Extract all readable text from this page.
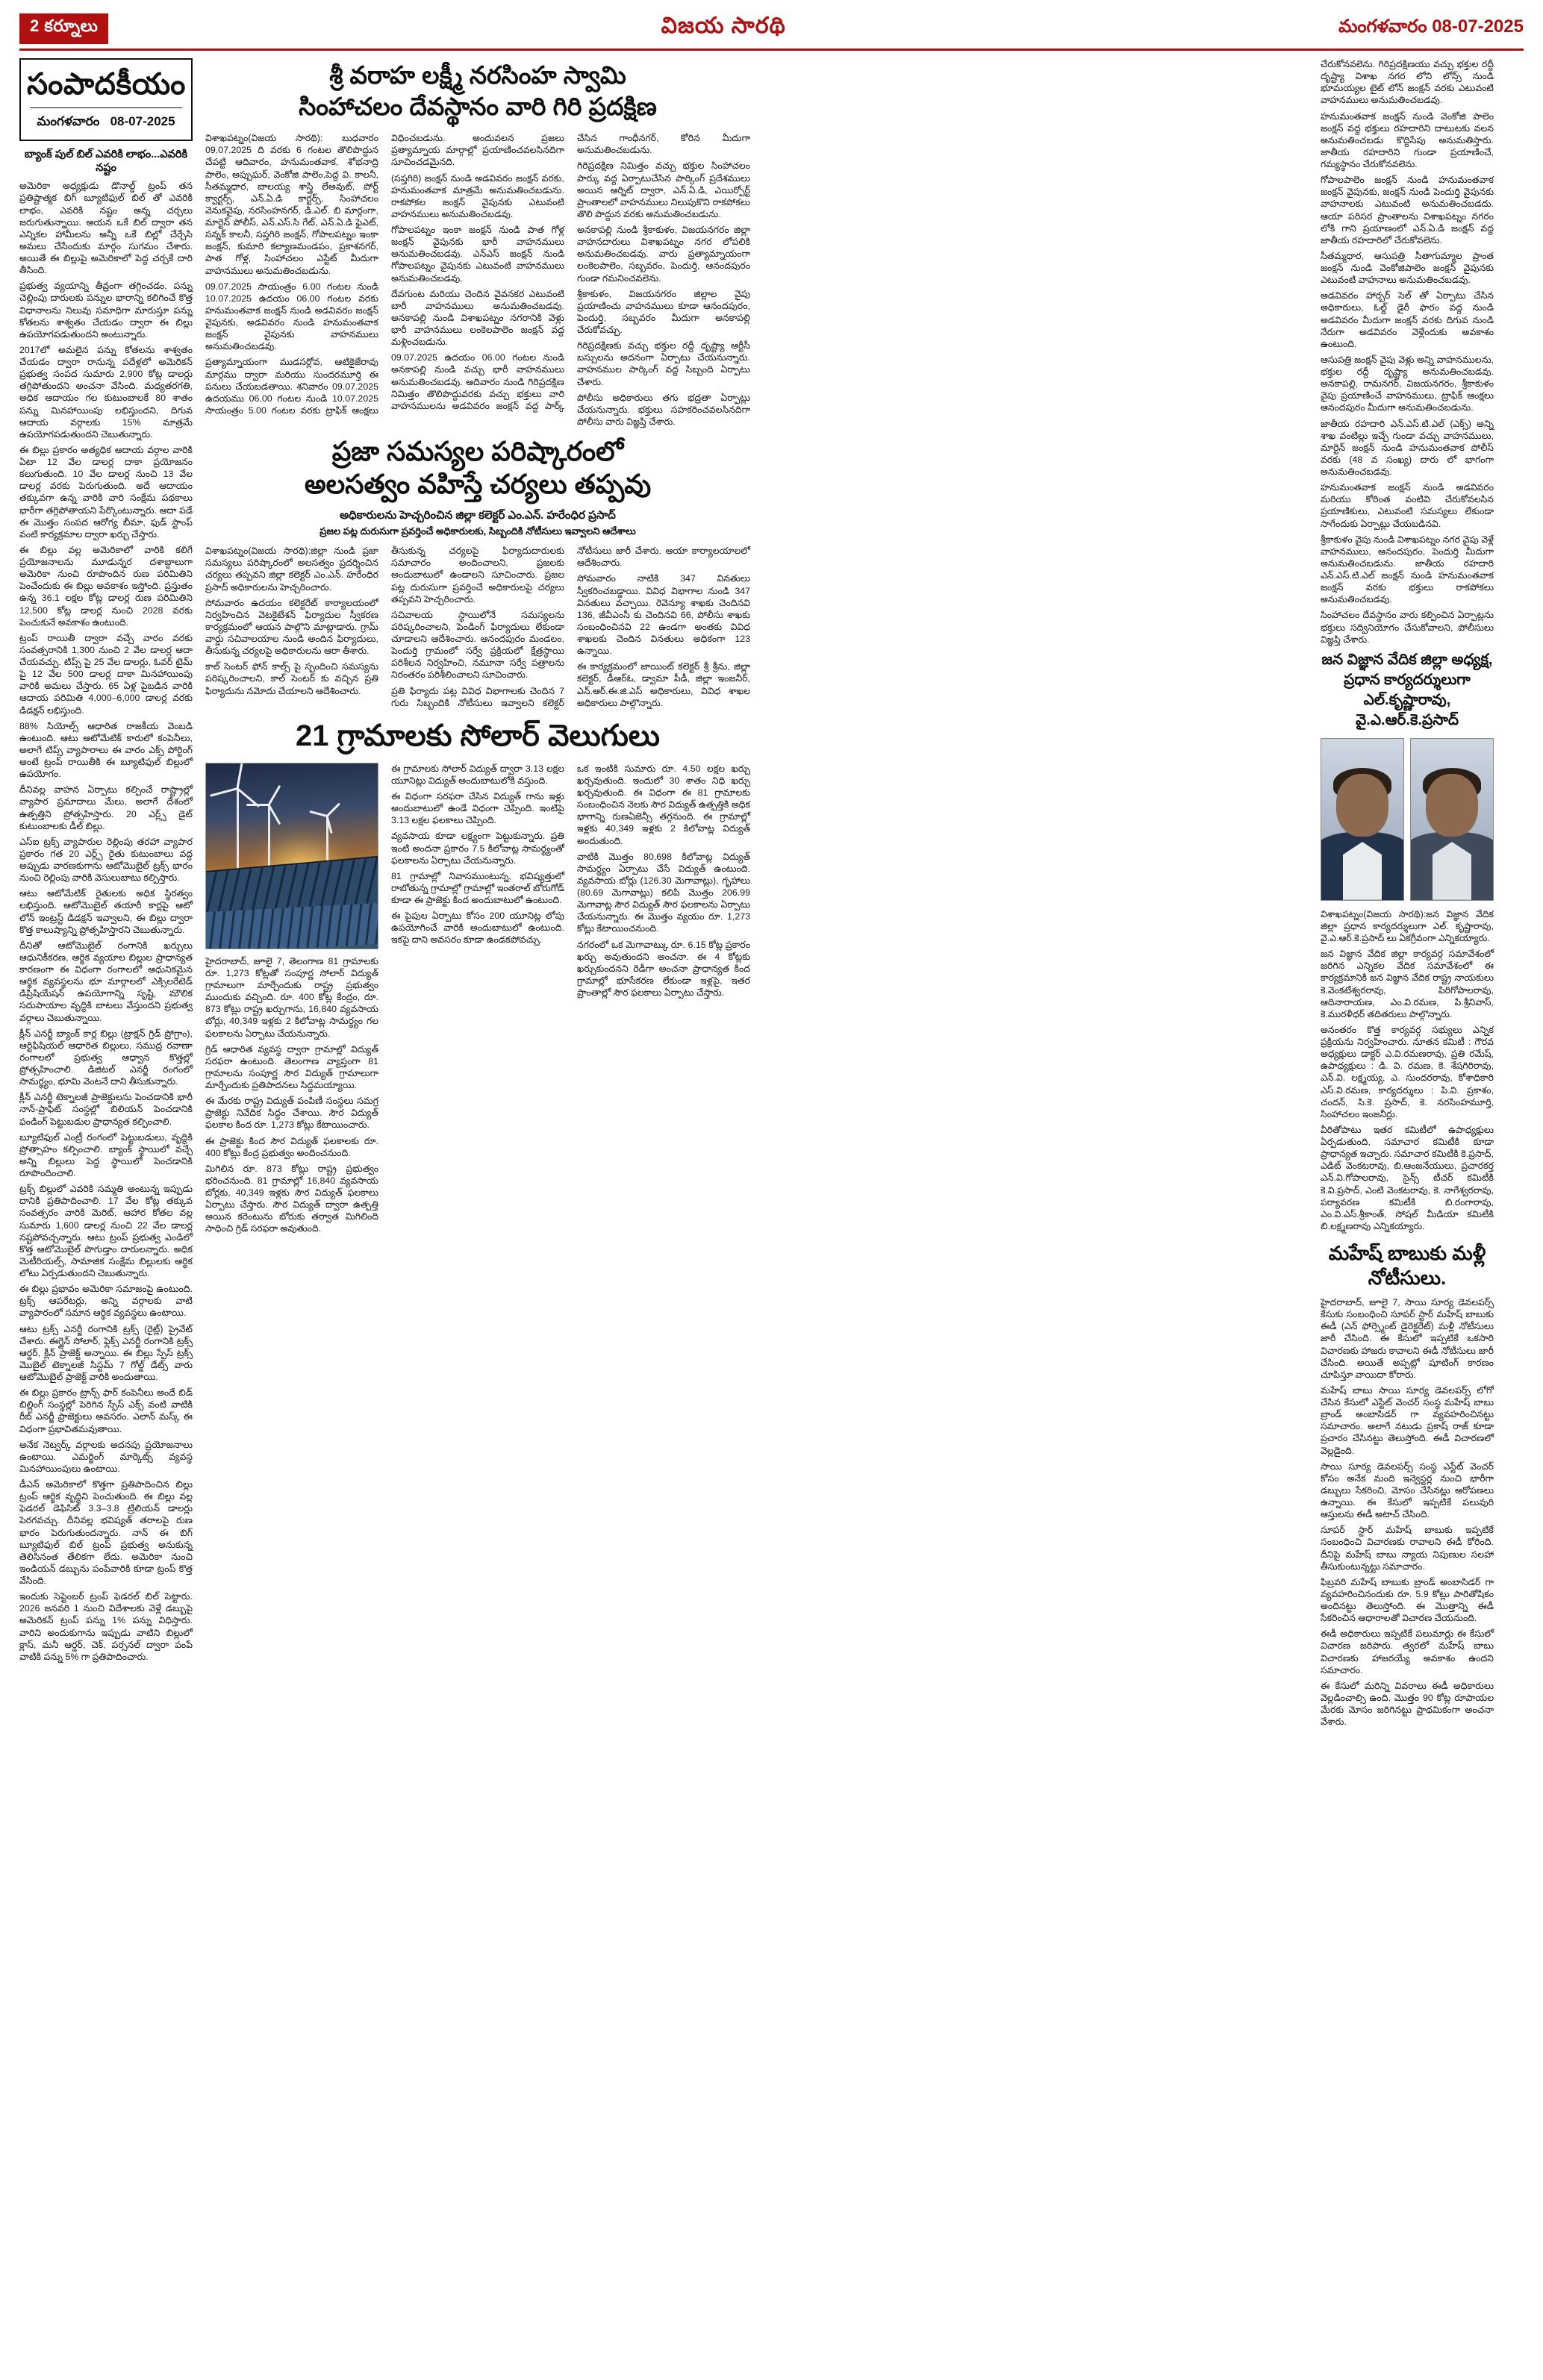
2 కర్నూలు	విజయ సారథి	మంగళవారం 08-07-2025
సంపాదకీయం
మంగళవారం 08-07-2025
బ్యాంక్ పుల్ బిల్ ఎవరికి లాభం...ఎవ‌రికి న‌ష్టం

అమెరికా అధ్యక్షుడు డొనాల్డ్ ట్రంప్ తన ప్రతిష్టాత్మక బిగ్ బ్యూటిఫుల్ బిల్ తో ఎవరికి లాభం, ఎవరికి నష్టం అన్న చర్చలు జరుగుతున్నాయి. ఆయన ఒకే బిల్ ద్వారా తన ఎన్నికల హామీలను అన్నీ ఒకే బిల్లో చేర్చేసి అమలు చేసేందుకు మార్గం సుగమం చేశారు. అయితే ఈ బిల్లుపై అమెరికాలో పెద్ద చర్చకే దారి తీసింది.

ప్రభుత్వ వ్యయాన్ని తీవ్రంగా తగ్గించడం, పన్ను చెల్లింపు దారులకు పన్నుల భారాన్ని కలిగించే కొత్త విధానాలను నిలువు సమాధిగా మారుస్తూ పన్ను కోతలను శాశ్వతం చేయడం ద్వారా ఈ బిల్లు ఉపయోగపడుతుందని అంటున్నారు.

2017లో అమలైన పన్ను కోతలను శాశ్వతం చేయడం ద్వారా రానున్న పదేళ్లలో అమెరికన్ ప్రభుత్వ సంపద సుమారు 2,900 కోట్ల డాలర్లు తగ్గిపోతుందని అంచనా వేసింది. మధ్యతరగతి, అధిక ఆదాయం గల కుటుంబాలకే 80 శాతం పన్ను మినహాయింపు లభిస్తుందని, దిగువ ఆదాయ వర్గాలకు 15% మాత్రమే ఉపయోగపడుతుందని చెబుతున్నారు.

ఈ బిల్లు ప్రకారం అత్యధిక ఆదాయ వర్గాల వారికి ఏటా 12 వేల డాలర్ల దాకా ప్రయోజనం కలుగుతుంది. 10 వేల డాలర్ల నుంచి 13 వేల డాలర్ల వరకు పెరుగుతుంది. అదే ఆదాయం తక్కువగా ఉన్న వారికి వారి సంక్షేమ పథకాలు భారీగా తగ్గిపోతాయని పేర్కొంటున్నారు. ఆదా పడే ఈ మొత్తం సంపద ఆరోగ్య బీమా, ఫుడ్ స్టాంప్ వంటి కార్యక్రమాల ద్వారా ఖర్చు చేస్తారు.

ఈ బిల్లు వల్ల అమెరికాలో వారికి కలిగే ప్రయోజనాలను మూడున్నర దశాబ్దాలుగా అమెరికా నుంచి రూపొందిన రుణ పరిమితిని పెంచేందుకు ఈ బిల్లు అవకాశం ఇస్తోంది. ప్రస్తుతం ఉన్న 36.1 లక్షల కోట్ల డాలర్ల రుణ పరిమితిని 12,500 కోట్ల డాలర్ల నుంచి 2028 వరకు పెంచుకునే అవకాశం ఉంటుంది.

ట్రంప్ రాయితీ ద్వారా వచ్చే వారం వరకు సంవత్సరానికి 1,300 నుంచి 2 వేల డాలర్ల ఆదా చేయవచ్చు. టిప్స్ పై 25 వేల డాలర్లు, ఓవర్ టైమ్ పై 12 వేల 500 డాలర్ల దాకా మినహాయింపు వారికి అమలు చేస్తారు. 65 ఏళ్ల పైబడిన వారికి ఆదాయ పరిమితి 4,000–6,000 డాలర్ల వరకు డిడక్షన్ లభిస్తుంది.

88% సియోల్స్ ఆధారిత రాజకీయ వెంబడి ఉంటుంది. ఆటు ఆటోమేటిక్ కారులో కంపెనీలు, అలాగే టిప్స్ వ్యాపారాలు ఈ వారం ఎక్స్ పోర్టింగ్ అంటే ట్రంప్ రాయితీకి ఈ బ్యూటిఫుల్ బిల్లులో ఉపయోగం.

దీనివల్ల వాహన ఏర్పాటు కల్పించే రాష్ట్రాల్లో వ్యాపార ప్రమాదాలు మేలు, అలాగే దేశంలో ఉత్పత్తిని ప్రోత్సహిస్తారు. 20 ఎర్ల్స్ డైట్ కుటుంబాలకు డీల్ బిల్లు.

ఎస్ఐ ట్రక్స్ వ్యాపారుల రెల్లింపు తరహా వ్యాపార ప్రకారం గత 20 ఎర్ల్స్ రైతు కుటుంబాలు వద్ద అప్పుడు వారణకుగాను ఆటోమొబైల్ ట్రక్స్ భారం నుంచి రెల్లింపు వారికి వెసులుబాటు కల్పిస్తారు.

ఆటు ఆటోమేటిక్ రైతులకు అధిక స్థిరత్వం లభిస్తుంది. ఆటోమొబైల్ తయారీ కార్లపై ఆటో లోన్ ఇంట్రస్ట్ డిడక్షన్ ఇవ్వాలని, ఈ బిల్లు ద్వారా కొత్త కాలుష్యాన్ని ప్రోత్సహిస్తారని చెబుతున్నారు.

దీనితో ఆటోమొబైల్ రంగానికి ఖర్చులు ఆధునికీకరణ, ఆర్థిక వ్యయాల బిల్లుల ప్రాధాన్యత కారణంగా ఈ విధంగా రంగాలలో ఆధునికమైన ఆర్థిక వ్యవస్థలను భూ మార్గాలలో ఎక్సిలరేటెడ్ డిప్రిషియేషన్ ఉపయోగాన్ని సృష్టి, మౌలిక సదుపాయాల వృద్ధికి బాటలు వేస్తుందని ప్రభుత్వ వర్గాలు చెబుతున్నాయి.

క్లీన్ ఎనర్జీ బ్యాంక్ కార్ల బిల్లు (ట్రాక్షన్ గ్రిడ్ ప్రోగ్రాం), ఆర్టిఫిషియల్ ఆధారిత బిల్లులు, సముద్ర రవాణా రంగాలలో ప్రభుత్వ ఆధ్వాన కొత్తల్లో ప్రోత్సహించాలి. డిజిటల్ ఎనర్జీ రంగంలో సామర్థ్యం, భూమి వెంటనే దాని తీసుకున్నారు.

క్లీన్ ఎనర్జీ టెక్నాలజీ ప్రాజెక్టులను పెంచడానికి భారీ నాన్-ప్రాఫిట్ సంస్థల్లో బిలియన్ పెంచడానికి ఫండింగ్ పెట్టుబడుల ప్రాధాన్యత కల్పించాలి.

బ్యూటిఫుల్ ఎంట్రీ రంగంలో పెట్టుబడులు, వృద్ధికి ప్రోత్సాహం కల్పించాలి. బ్యాంక్ స్థాయిలో వచ్చే అన్ని బిల్లులు పెద్ద స్థాయిలో పెంచడానికి రూపొందించాలి.

ట్రక్స్ బిల్లులో ఎవరికి సమ్మతి అంటున్న ఇప్పుడు దానికి ప్రతిపాదించాలి. 17 వేల కోట్ల తక్కువ సంవత్సరం వారికి మెరిట్, ఆహార కోతల వల్ల సుమారు 1,600 డాలర్ల నుంచి 22 వేల డాలర్ల నష్టపోవచ్చన్నారు. ఆటు ట్రంప్ ప్రభుత్వ ఎండిలో కొత్త ఆటోమొబైల్ పొగుడ్తాం దారులన్నారు. అధిక మెటీరియల్స్, సామాజిక సంక్షేమ బిల్లులకు ఆర్థిక లోటు ఏర్పడుతుందని చెబుతున్నారు.

ఈ బిల్లు ప్రభావం అమెరికా సమాజంపై ఉంటుంది. ట్రక్స్ ఆపరేటర్లు, అన్ని వర్గాలకు వాటి వ్యాపారంలో సమాన ఆర్థిక వ్యవస్థలు ఉంటాయి.

ఆటు ట్రక్స్ ఎనర్జీ రంగానికి ట్రక్స్ (రైట్ల్) ప్రైవేట్ చేశారు. ఈగ్జైన్ సోలార్, ఫ్లెక్స్ ఎనర్జీ రంగానికి ట్రక్స్ ఆర్డర్, క్లీన్ ప్రాజెక్ట్ అన్నాయి. ఈ బిల్లు స్పేస్ ట్రక్స్ మొబైల్ టెక్నాలజీ సిస్టమ్ 7 గోల్డ్ డేట్స్ వారు ఆటోమొబైల్ ప్రాజెక్ట్ వారికి అందుతాయి.

ఈ బిల్లు ప్రకారం ట్రాన్స్ ఫార్ కంపెనీలు అందే బిడ్ బిల్లింగ్ సంస్థల్లో పెరిగిన స్పేస్ ఎక్స్ వంటి వాటికి రీబ్ ఎనర్జీ ప్రాజెక్టులు అవసరం. ఎలాన్ మస్క్ ఈ విధంగా ప్రభావితమవుతాయి.

అనేక నెట్వర్క్ వర్గాలకు అదనపు ప్రయోజనాలు ఉంటాయి. ఎమర్జింగ్ మార్కెట్స్ వ్యవస్థ మినహాయింపులు ఉంటాయి.

డీఎన్ అమెరికాలో కొత్తగా ప్రతిపాదించిన బిల్లు ట్రంప్ ఆర్థిక వృద్ధిని పెంచుతుంది. ఈ బిల్లు వల్ల ఫెడరల్ డెఫిసిట్ 3.3–3.8 ట్రిలియన్ డాలర్లు పెరగవచ్చు. దీనివల్ల భవిష్యత్ తరాలపై రుణ భారం పెరుగుతుందన్నారు. నాన్ ఈ బిగ్ బ్యూటిఫుల్ బిల్ ట్రంప్ ప్రభుత్వ అనుకున్న తెలిసినంత తేలికగా లేదు. అమెరికా నుంచి ఇండియన్ డబ్బును పంపేవారికి కూడా ట్రంప్ కొత్త వేసింది.

ఇందుకు సెప్టెంబర్ ట్రంప్ ఫెడరల్ బిల్ పెట్టారు. 2026 జనవరి 1 నుంచి విదేశాలకు వెళ్లే డబ్బుపై అమెరికన్ ట్రంప్ పన్ను 1% పన్ను విధిస్తారు. వారిని అందుకుగాను ఇప్పుడు వాటిని బిల్లులో క్లాస్, మనీ ఆర్డర్, చెక్, పర్సనల్ ద్వారా పంపే వాటికి పన్ను 5% గా ప్రతిపాదించారు.

శ్రీ వరాహ లక్ష్మీ నరసింహ స్వామి
సింహాచలం దేవస్థానం వారి గిరి ప్రదక్షిణ

విశాఖపట్నం(విజయ సారథి): బుధవారం 09.07.2025 ది వరకు 6 గంటల తొలిపొద్దున చేపట్టి ఆదివారం, హనుమంతవాక, శోభనాద్రి పాలెం, అప్పుఘర్, వెంకోజి పాలెం,పెద్ద వి. కాలనీ, సీతమ్మధార, బాలయ్య శాస్త్రి లేఅవుట్, పోర్ట్ క్వార్టర్స్, ఎన్.ఏ.డి కార్టర్స్, సింహాచలం వెనుకవైపు, నరసింహనగర్, డి.ఎల్. బి మార్గంగా, మార్టెన్ పోలీస్, ఎన్.ఎస్.సి గేట్, ఎన్.ఏ.డి ఫైఎట్, సన్నక్ కాలనీ, సప్తగిరి జంక్షన్, గోపాలపట్నం ఇంకా జంక్షన్, కుమారి కల్యాణమండపం, ప్రకాశనగర్, పాత గోళ్ల, సింహాచలం ఎస్టేట్ మీదుగా వాహనములు అనుమతించబడును.

09.07.2025 సాయంత్రం 6.00 గంటల నుండి 10.07.2025 ఉదయం 06.00 గంటల వరకు హనుమంతవాక జంక్షన్ నుండి అడవివరం జంక్షన్ వైపునకు, అడవివరం నుండి హనుమంతవాక జంక్షన్ వైపునకు వాహనములు అనుమతించబడవు.

ప్రత్యామ్నాయంగా ముడసర్లోవ, ఆటికైజేరావు మార్గము ద్వారా మరియు సుందరమూర్తి ఈ పనులు చేయబడతాయి. శనివారం 09.07.2025 ఉదయము 06.00 గంటల నుండి 10.07.2025 సాయంత్రం 5.00 గంటల వరకు ట్రాఫిక్ ఆంక్షలు విధించబడును. అందువలన ప్రజలు ప్రత్యామ్నాయ మార్గాల్లో ప్రయాణించవలసినదిగా సూచించడమైనది.

(సప్తగిరి) జంక్షన్ నుండి అడవివరం జంక్షన్ వరకు, హనుమంతవాక మాత్రమే అనుమతించబడును. రాకపోకల జంక్షన్ వైపునకు ఎటువంటి వాహనములు అనుమతించబడవు.

గోపాలపట్నం ఇంకా జంక్షన్ నుండి పాత గోళ్ల జంక్షన్ వైపునకు భారీ వాహనములు అనుమతించబడవు. ఎన్ఎస్ జంక్షన్ నుండి గోపాలపట్నం వైపునకు ఎటువంటి వాహనములు అనుమతించబడవు.

దేవగుంట మరియు చెందిన వైవనకర ఎటువంటి బారీ వాహనములు అనుమతించబడవు. అనకాపల్లి నుండి విశాఖపట్నం నగరానికి వెళ్లు భారీ వాహనములు లంకెలపాలెం జంక్షన్ వద్ద మళ్లించబడును.

09.07.2025 ఉదయం 06.00 గంటల నుండి అనకాపల్లి నుండి వచ్చు భారీ వాహనములు అనుమతించబడవు. ఆదివారం నుండి గిరిప్రదక్షిణ నిమిత్తం తొలిపొద్దువరకు వచ్చు భక్తులు వారి వాహనములను అడవివరం జంక్షన్ వద్ద పార్క్ చేసిన గాంధీనగర్, కోరిన మీదుగా అనుమతించబడును.

గిరిప్రదక్షిణ నిమిత్తం వచ్చు భక్తుల సింహాచలం పార్కు వద్ద ఏర్పాటుచేసిన పార్కింగ్ ప్రదేశములు అయిన ఆర్నిట్ ద్వారా, ఎన్.ఏ.డి, ఎయిర్పోర్ట్ ప్రాంతాలలో వాహనములు నిలుపుకొని రాకపోకలు తొలి పొద్దున వరకు అనుమతించబడును.

అనకాపల్లి నుండి శ్రీకాకుళం, విజయనగరం జిల్లా వాహనదారులు విశాఖపట్నం నగర లోపలికి అనుమతించబడవు. వారు ప్రత్యామ్నాయంగా లంకెలపాలెం, సబ్బవరం, పెందుర్తి, ఆనందపురం గుండా గమనించవలెను.

శ్రీకాకుళం, విజయనగరం జిల్లాల వైపు ప్రయాణించు వాహనములు కూడా ఆనందపురం, పెందుర్తి, సబ్బవరం మీదుగా అనకాపల్లి చేరుకోవచ్చు.

గిరిప్రదక్షిణకు వచ్చు భక్తుల రద్దీ దృష్ట్యా ఆర్టీసీ బస్సులను అదనంగా ఏర్పాటు చేయనున్నారు. వాహనముల పార్కింగ్ వద్ద సిబ్బంది ఏర్పాటు చేశారు.

పోలీసు అధికారులు తగు భద్రతా ఏర్పాట్లు చేయనున్నారు. భక్తులు సహకరించవలసినదిగా పోలీసు వారు విజ్ఞప్తి చేశారు.

ప్రజా సమస్యల పరిష్కారంలో
అలసత్వం వహిస్తే చర్యలు తప్పవు
అధికారులను హెచ్చరించిన జిల్లా కలెక్టర్ ఎం.ఎన్. హరేంధిర ప్రసాద్
ప్రజల పట్ల దురుసుగా ప్రవర్తించే అధికారులకు, సిబ్బందికి నోటీసులు ఇవ్వాలని ఆదేశాలు

విశాఖపట్నం(విజయ సారథి):జిల్లా నుండి ప్రజా సమస్యలు పరిష్కారంలో అలసత్వం ప్రదర్శించిన చర్యలు తప్పవని జిల్లా కలెక్టర్ ఎం.ఎన్. హరేంధిర ప్రసాద్ అధికారులను హెచ్చరించారు.

సోమవారం ఉదయం కలెక్టరేట్ కార్యాలయంలో నిర్వహించిన వెటకైటేశన్ ఫిర్యాదుల స్వీకరణ కార్యక్రమంలో ఆయన పాల్గొని మాట్లాడారు. గ్రామ్ వార్డు సచివాలయాల నుండి అందిన ఫిర్యాదులు, తీసుకున్న చర్యలపై అధికారులను ఆరా తీశారు.

కాల్ సెంటర్ ఫోన్ కాల్స్ పై స్పందించి సమస్యను పరిష్కరించాలని, కాల్ సెంటర్ కు వచ్చిన ప్రతి ఫిర్యాదును నమోదు చేయాలని ఆదేశించారు.

తీసుకున్న చర్యలపై ఫిర్యాదుదారులకు సమాచారం అందించాలని, ప్రజలకు అందుబాటులో ఉండాలని సూచించారు. ప్రజల పట్ల దురుసుగా ప్రవర్తించే అధికారులపై చర్యలు తప్పవని హెచ్చరించారు.

సచివాలయ స్థాయిలోనే సమస్యలను పరిష్కరించాలని, పెండింగ్ ఫిర్యాదులు లేకుండా చూడాలని ఆదేశించారు. ఆనందపురం మండలం, పెందుర్తి గ్రామంలో సర్వే ప్రక్రియలో క్షేత్రస్థాయి పరిశీలన నిర్వహించి, నమూనా సర్వే పత్రాలను నిరంతరం పరిశీలించాలని సూచించారు.

ప్రతి ఫిర్యాదు పట్ల వివిధ విభాగాలకు చెందిన 7 గురు సిబ్బందికి నోటీసులు ఇవ్వాలని కలెక్టర్ నోటీసులు జారీ చేశారు. ఆయా కార్యాలయాలలో ఆదేశించారు.

సోమవారం నాటికి 347 వినతులు స్వీకరించబడ్డాయి. వివిధ విభాగాల నుండి 347 వినతులు వచ్చాయి. రెవెన్యూ శాఖకు చెందినవి 136, జీవీఎంసీ కు చెందినవి 66, పోలీసు శాఖకు సంబంధించినవి 22 ఉండగా అంతకు వివిధ శాఖలకు చెందిన వినతులు అధికంగా 123 ఉన్నాయి.

ఈ కార్యక్రమంలో జాయింట్ కలెక్టర్ శ్రీ శ్రీను, జిల్లా కలెక్టర్, డీఆర్ఓ, డ్వామా పీడీ, జిల్లా ఇంజనీర్, ఎన్.ఆర్.ఈ.జి.ఎస్ అధికారులు, వివిధ శాఖల అధికారులు పాల్గొన్నారు.

21 గ్రామాలకు సోలార్ వెలుగులు

హైదరాబాద్, జూలై 7, తెలంగాణ 81 గ్రామాలకు రూ. 1,273 కోట్లతో సంపూర్ణ సోలార్ విద్యుత్ గ్రామాలుగా మార్చేందుకు రాష్ట్ర ప్రభుత్వం ముందుకు వచ్చింది. రూ. 400 కోట్ల కేంద్రం, రూ. 873 కోట్లు రాష్ట్ర ఖర్చుగాను, 16,840 వ్యవసాయ బోర్లు, 40,349 ఇళ్లకు 2 కిలోవాట్ల సామర్థ్యం గల ఫలకాలను ఏర్పాటు చేయనున్నారు.

గ్రిడ్ ఆధారిత వ్యవస్థ ద్వారా గ్రామాల్లో విద్యుత్ సరఫరా ఉంటుంది. తెలంగాణ వ్యాప్తంగా 81 గ్రామాలను సంపూర్ణ సౌర విద్యుత్ గ్రామాలుగా మార్చేందుకు ప్రతిపాదనలు సిద్ధమయ్యాయి.

ఈ మేరకు రాష్ట్ర విద్యుత్ పంపిణీ సంస్థలు సమగ్ర ప్రాజెక్టు నివేదిక సిద్ధం చేశాయి. సౌర విద్యుత్ ఫలకాల కింద రూ. 1,273 కోట్లు కేటాయించారు.

ఈ ప్రాజెక్టు కింద సౌర విద్యుత్ ఫలకాలకు రూ. 400 కోట్లు కేంద్ర ప్రభుత్వం అందించనుంది.

మిగిలిన రూ. 873 కోట్లు రాష్ట్ర ప్రభుత్వం భరించనుంది. 81 గ్రామాల్లో 16,840 వ్యవసాయ బోర్లకు, 40,349 ఇళ్లకు సౌర విద్యుత్ ఫలకాలు ఏర్పాటు చేస్తారు. సౌర విద్యుత్ ద్వారా ఉత్పత్తి అయిన కరెంటును బోరుకు తర్వాత మిగిలింది సాధించి గ్రిడ్ సరఫరా అవుతుంది.

ఈ గ్రామాలకు సోలార్ విద్యుత్ ద్వారా 3.13 లక్షల యూనిట్లు విద్యుత్ అందుబాటులోకి వస్తుంది.

ఈ విధంగా సరఫరా చేసిన విద్యుత్ గాను ఇళ్లు అందుబాటులో ఉండే విధంగా చెప్పింది. ఇంటిపై 3.13 లక్షల ఫలకాలు చెప్పింది.

వ్యవసాయ కూడా లక్ష్యంగా పెట్టుకున్నారు. ప్రతి ఇంటి అందనా ప్రకారం 7.5 కిలోవాట్ల సామర్థ్యంతో ఫలకాలను ఏర్పాటు చేయనున్నారు.

81 గ్రామాల్లో నివాసముంటున్న, భవిష్యత్తులో రాబోతున్న గ్రామాల్లో గ్రామాల్లో ఇంతరాల్ బోరుగోడ్ కూడా ఈ ప్రాజెక్టు కింద అందుబాటులో ఉంటుంది.

ఈ పైపుల ఏర్పాటు కోసం 200 యూనిట్ల లోపు ఉపయోగించే వారికి అందుబాటులో ఉంటుంది. ఇకపై దాని అవసరం కూడా ఉండకపోవచ్చు.

ఒక ఇంటికి సుమారు రూ. 4.50 లక్షల ఖర్చు ఖర్చవుతుంది. ఇందులో 30 శాతం నిధి ఖర్చు ఖర్చవుతుంది. ఈ విధంగా ఈ 81 గ్రామాలకు సంబంధించిన నెలకు సౌర విద్యుత్ ఉత్పత్తికి అధిక భాగాన్ని రుణఏజెన్సీ తగ్గనుంది. ఈ గ్రామాల్లో ఇళ్లకు 40,349 ఇళ్లకు 2 కిలోవాట్ల విద్యుత్ అందుతుంది.

వాటికి మొత్తం 80,698 కిలోవాట్ల విద్యుత్ సామర్థ్యం ఏర్పాటు చేసే విద్యుత్ ఉంటుంది. వ్యవసాయ బోర్లు (126.30 మెగావాట్లు), గృహాలు (80.69 మెగావాట్లు) కలిపి మొత్తం 206.99 మెగావాట్ల సౌర విద్యుత్ సౌర ఫలకాలను ఏర్పాటు చేయనున్నారు. ఈ మొత్తం వ్యయం రూ. 1,273 కోట్లు కేటాయించనుంది.

నగరంలో ఒక మెగావాట్కు రూ. 6.15 కోట్ల ప్రకారం ఖర్చు అవుతుందని అంచనా. ఈ 4 కోట్లకు ఖర్చుకుందనని రెడీగా అంచనా ప్రాధాన్యత కింద గ్రామాల్లో భూసేకరణ లేకుండా ఇళ్లపై, ఇతర ప్రాంతాల్లో సౌర ఫలకాలు ఏర్పాటు చేస్తారు.

చేరుకోనవలెను. గిరిప్రదక్షిణయు వచ్చు భక్తుల రద్దీ దృష్ట్యా విశాఖ నగర లోని లోన్స్ నుండి భూమయ్యల టైట్ లోన్ జంక్షన్ వరకు ఎటువంటి వాహనములు అనుమతించబడవు.

హనుమంతవాక జంక్షన్ నుండి వెంకోజి పాలెం జంక్షన్ వద్ద భక్తులు రహదారిని దాటుటకు వలన అనుమతించబడు కొద్దిసేపు అనుమతిస్తారు. జాతీయ రహదారిని గుండా ప్రయాణించే, గమ్యస్థానం చేరుకోనవలెను.

గోపాలపాలెం జంక్షన్ నుండి హనుమంతవాక జంక్షన్ వైపునకు, జంక్షన్ నుండి పెందుర్తి వైపునకు వాహనాలకు ఎటువంటి అనుమతించబడదు. ఆయా పరిసర ప్రాంతాలను విశాఖపట్నం నగరం లోకి గాని ప్రయాణంలో ఎన్.ఏ.డి జంక్షన్ వద్ద జాతీయ రహదారిలో చేరుకోవలెను.

సీతమ్మధార, ఆసుపత్రి సీతాగుమ్మాల ప్రాంత జంక్షన్ నుండి వెంకోజిపాలెం జంక్షన్ వైపునకు ఎటువంటి వాహనాలు అనుమతించబడవు.

అడవివరం హార్బర్ సెల్ తో ఏర్పాటు చేసిన అధికారులు, ఓల్డ్ డైరీ ఫారం వద్ద నుండి అడవివరం మీదుగా జంక్షన్ వరకు దిగువ నుండి నేరుగా అడవివరం వెళ్లేందుకు అవకాశం ఉంటుంది.

ఆసుపత్రి జంక్షన్ వైపు వెళ్లు అన్ని వాహనములను, భక్తుల రద్దీ దృష్ట్యా అనుమతించబడవు. అనకాపల్లి, రామనగర్, విజయనగరం, శ్రీకాకుళం వైపు ప్రయాణించే వాహనములు, ట్రాఫిక్ ఆంక్షలు ఆనందపురం మీదుగా అనుమతించబడును.

జాతీయ రహదారి ఎన్.ఎస్.టి.ఎల్ (ఎక్స్) అన్ని శాఖ వంటిల్లు ఇచ్చే గుండా వచ్చు వాహనములు, మార్టెన్ జంక్షన్ నుండి హనుమంతవాక పోలీస్ వరకు (48 వ సంఖ్య) దారు లో భాగంగా అనుమతించబడవు.

హనుమంతవాక జంక్షన్ నుండి అడవివరం మరియు కోరింత వంటివి చేరుకోవలసిన ప్రయాణికులు, ఎటువంటి సమస్యలు లేకుండా సాగేందుకు ఏర్పాట్లు చేయబడినవి.

శ్రీకాకుళం వైపు నుండి విశాఖపట్నం నగర వైపు వెళ్లే వాహనములు, ఆనందపురం, పెందుర్తి మీదుగా అనుమతించబడును. జాతీయ రహదారి ఎన్.ఎస్.టి.ఎల్ జంక్షన్ నుండి హనుమంతవాక జంక్షన్ వరకు భక్తులు రాకపోకలు అనుమతించబడవు.

సింహాచలం దేవస్థానం వారు కల్పించిన ఏర్పాట్లను భక్తులు సద్వినియోగం చేసుకోవాలని, పోలీసులు విజ్ఞప్తి చేశారు.

జన విజ్ఞాన వేదిక జిల్లా అధ్యక్ష,
ప్రధాన కార్యదర్శులుగా
ఎల్.కృష్ణారావు, వై.ఎ.ఆర్.కె.ప్రసాద్

విశాఖపట్నం(విజయ సారథి):జన విజ్ఞాన వేదిక జిల్లా ప్రధాన కార్యదర్శులుగా ఎల్. కృష్ణారావు, వై.ఎ.ఆర్.కె.ప్రసాద్ లు ఏకగ్రీవంగా ఎన్నికయ్యారు.

జన విజ్ఞాన వేదిక జిల్లా కార్యవర్గ సమావేశంలో జరిగిన ఎన్నికల వేదిక సమావేశంలో ఈ కార్యక్రమానికి జన విజ్ఞాన వేదిక రాష్ట్ర నాయకులు కె.వెంకటేశ్వరరావు, పిరిగోపాలరావు, ఆదినారాయణ, ఎం.వి.రమణ, పి.శ్రీనివాస్, కె.మురళీధర్ తదితరులు పాల్గొన్నారు.

అనంతరం కొత్త కార్యవర్గ సభ్యులు ఎన్నిక ప్రక్రియను నిర్వహించారు. నూతన కమిటీ : గౌరవ అధ్యక్షులు డాక్టర్ ఎ.వి.రమణరావు, ప్రతి రమేష్, ఉపాధ్యక్షులు : డి. వి. రమణ, కె. శేషగిరిరావు, ఎన్.వి. లక్ష్మయ్య, ఎ. సుందరరావు, కోశాధికారి ఎస్.వి.రమణ, కార్యదర్శులు : పి.వి. ప్రకాశం, చందన్, సి.కె. ప్రసాద్, కె. నరసింహమూర్తి, సింహాచలం ఇంజనీర్లు.

వీరితోపాటు ఇతర కమిటీలో ఉపాధ్యక్షులు ఏర్పడుతుంది, సమాచార కమిటీకి కూడా ప్రాధాన్యత ఇచ్చారు. సమాచార కమిటీకి కె.ప్రసాద్, ఎడిట్ వెంకటరావు, బి.ఆంజనేయులు, ప్రచారకర్త ఎన్.వి.గోపాలరావు, సైన్స్ టీచర్ కమిటీకి కె.వి.ప్రసాద్, ఎంటి వెంకటరావు, కె. నాగేశ్వరరావు, పర్యావరణ కమిటీకి బి.రంగారావు, ఎం.వి.ఎస్.శ్రీకాంత్, సోషల్ మీడియా కమిటీకి బి.లక్ష్మణరావు ఎన్నికయ్యారు.

మహేష్ బాబుకు మళ్లీ నోటీసులు.

హైదరాబాద్, జూలై 7, సాయి సూర్య డెవలపర్స్ కేసుకు సంబంధించి సూపర్ స్టార్ మహేష్ బాబుకు ఈడీ (ఎన్ ఫోర్స్మెంట్ డైరెక్టరేట్) మళ్లీ నోటీసులు జారీ చేసింది. ఈ కేసులో ఇప్పటికే ఒకసారి విచారణకు హాజరు కావాలని ఈడీ నోటీసులు జారీ చేసింది. అయితే అప్పట్లో షూటింగ్ కారణం చూపిస్తూ వాయిదా కోరారు.

మహేష్ బాబు సాయి సూర్య డెవలపర్స్ లోగో చేసిన కేసులో ఎస్టేట్ వెంచర్ సంస్థ మహేష్ బాబు బ్రాండ్ అంబాసిడర్ గా వ్యవహరించినట్టు సమాచారం. అలాగే నటుడు ప్రకాష్ రాజ్ కూడా ప్రచారం చేసినట్టు తెలుస్తోంది. ఈడీ విచారణలో వెల్లడైంది.

సాయి సూర్య డెవలపర్స్ సంస్థ ఎస్టేట్ వెంచర్ కోసం అనేక మంది ఇన్వెస్టర్ల నుంచి భారీగా డబ్బులు సేకరించి, మోసం చేసినట్లు ఆరోపణలు ఉన్నాయి. ఈ కేసులో ఇప్పటికే పలువురి ఆస్తులను ఈడీ అటాచ్ చేసింది.

సూపర్ స్టార్ మహేష్ బాబుకు ఇప్పటికే సంబంధించి విచారణకు రావాలని ఈడీ కోరింది. దీనిపై మహేష్ బాబు న్యాయ నిపుణుల సలహా తీసుకుంటున్నట్టు సమాచారం.

ఫిబ్రవరి మహేష్ బాబుకు బ్రాండ్ అంబాసిడర్ గా వ్యవహరించినందుకు రూ. 5.9 కోట్లు పారితోషికం అందినట్టు తెలుస్తోంది. ఈ మొత్తాన్ని ఈడీ సేకరించిన ఆధారాలతో విచారణ చేయనుంది.

ఈడీ అధికారులు ఇప్పటికే పలుమార్లు ఈ కేసులో విచారణ జరిపారు. త్వరలో మహేష్ బాబు విచారణకు హాజరయ్యే అవకాశం ఉందని సమాచారం.

ఈ కేసులో మరిన్ని వివరాలు ఈడీ అధికారులు వెల్లడించాల్సి ఉంది. మొత్తం 90 కోట్ల రూపాయల మేరకు మోసం జరిగినట్టు ప్రాథమికంగా అంచనా వేశారు.
